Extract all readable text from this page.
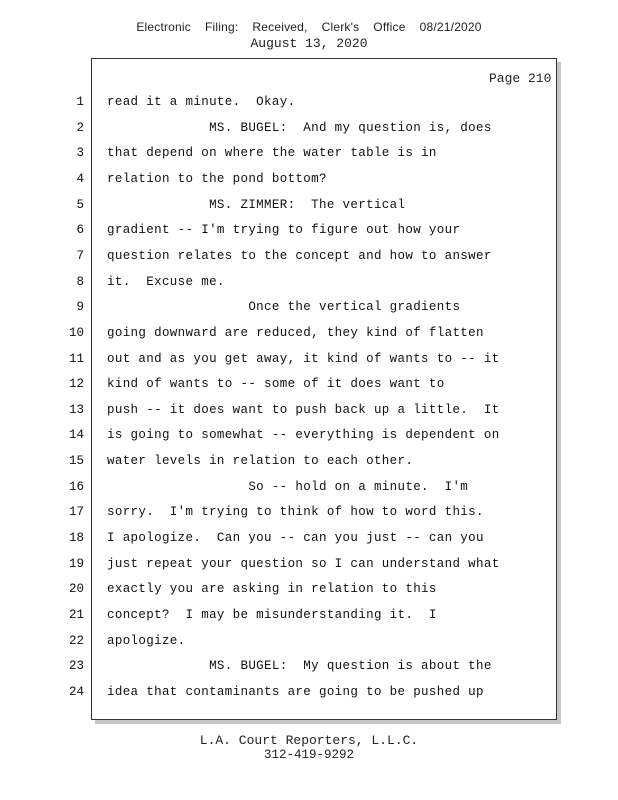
Electronic Filing: Received, Clerk's Office 08/21/2020
August 13, 2020
Page 210
1 read it a minute.  Okay.
2 MS. BUGEL:  And my question is, does
3 that depend on where the water table is in
4 relation to the pond bottom?
5 MS. ZIMMER:  The vertical
6 gradient -- I'm trying to figure out how your
7 question relates to the concept and how to answer
8 it.  Excuse me.
9 Once the vertical gradients
10 going downward are reduced, they kind of flatten
11 out and as you get away, it kind of wants to -- it
12 kind of wants to -- some of it does want to
13 push -- it does want to push back up a little.  It
14 is going to somewhat -- everything is dependent on
15 water levels in relation to each other.
16 So -- hold on a minute.  I'm
17 sorry.  I'm trying to think of how to word this.
18 I apologize.  Can you -- can you just -- can you
19 just repeat your question so I can understand what
20 exactly you are asking in relation to this
21 concept?  I may be misunderstanding it.  I
22 apologize.
23 MS. BUGEL:  My question is about the
24 idea that contaminants are going to be pushed up
L.A. Court Reporters, L.L.C.
312-419-9292
